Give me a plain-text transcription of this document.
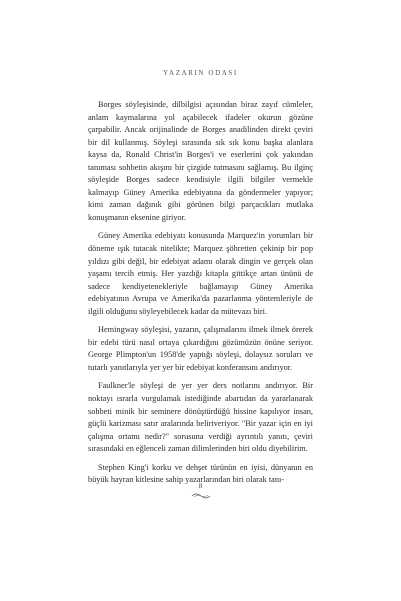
YAZARIN ODASI

Borges söyleşisinde, dilbilgisi açısından biraz zayıf cümleler, anlam kaymalarına yol açabilecek ifadeler okurun gözüne çarpabilir. Ancak orijinalinde de Borges anadilinden direkt çeviri bir dil kullanmış. Söyleşi sırasında sık sık konu başka alanlara kaysa da, Ronald Christ'in Borges'i ve eserlerini çok yakından tanıması sohbetin akışını bir çizgide tutmasını sağlamış. Bu ilginç söyleşide Borges sadece kendisiyle ilgili bilgiler vermekle kalmayıp Güney Amerika edebiyatına da göndermeler yapıyor; kimi zaman dağınık gibi görünen bilgi parçacıkları mutlaka konuşmanın eksenine giriyor.

Güney Amerika edebiyatı konusunda Marquez'in yorumları bir döneme ışık tutacak nitelikte; Marquez şöhretten çekinip bir pop yıldızı gibi değil, bir edebiyat adamı olarak dingin ve gerçek olan yaşamı tercih etmiş. Her yazdığı kitapla gittikçe artan ününü de sadece kendiyetenekleriyle bağlamayıp Güney Amerika edebiyatının Avrupa ve Amerika'da pazarlanma yöntemleriyle de ilgili olduğunu söyleyebilecek kadar da mütevazı biri.

Hemingway söyleşisi, yazarın, çalışmalarını ilmek ilmek örerek bir edebi türü nasıl ortaya çıkardığını gözümüzün önüne seriyor. George Plimpton'un 1958'de yaptığı söyleşi, dolaysız soruları ve tutarlı yanıtlarıyla yer yer bir edebiyat konferansını andırıyor.

Faulkner'le söyleşi de yer yer ders notlarını andırıyor. Bir noktayı ısrarla vurgulamak istediğinde abartıdan da yararlanarak sohbeti minik bir seminere dönüştürdüğü hissine kapılıyor insan, güçlü karizması satır aralarında beliriveriyor. "Bir yazar için en iyi çalışma ortamı nedir?" sorusuna verdiği ayrıntılı yanıtı, çeviri sırasındaki en eğlenceli zaman dilimlerinden biri oldu diyebilirim.

Stephen King'i korku ve dehşet türünün en iyisi, dünyanın en büyük hayran kitlesine sahip yazarlarından biri olarak tanı-

8
